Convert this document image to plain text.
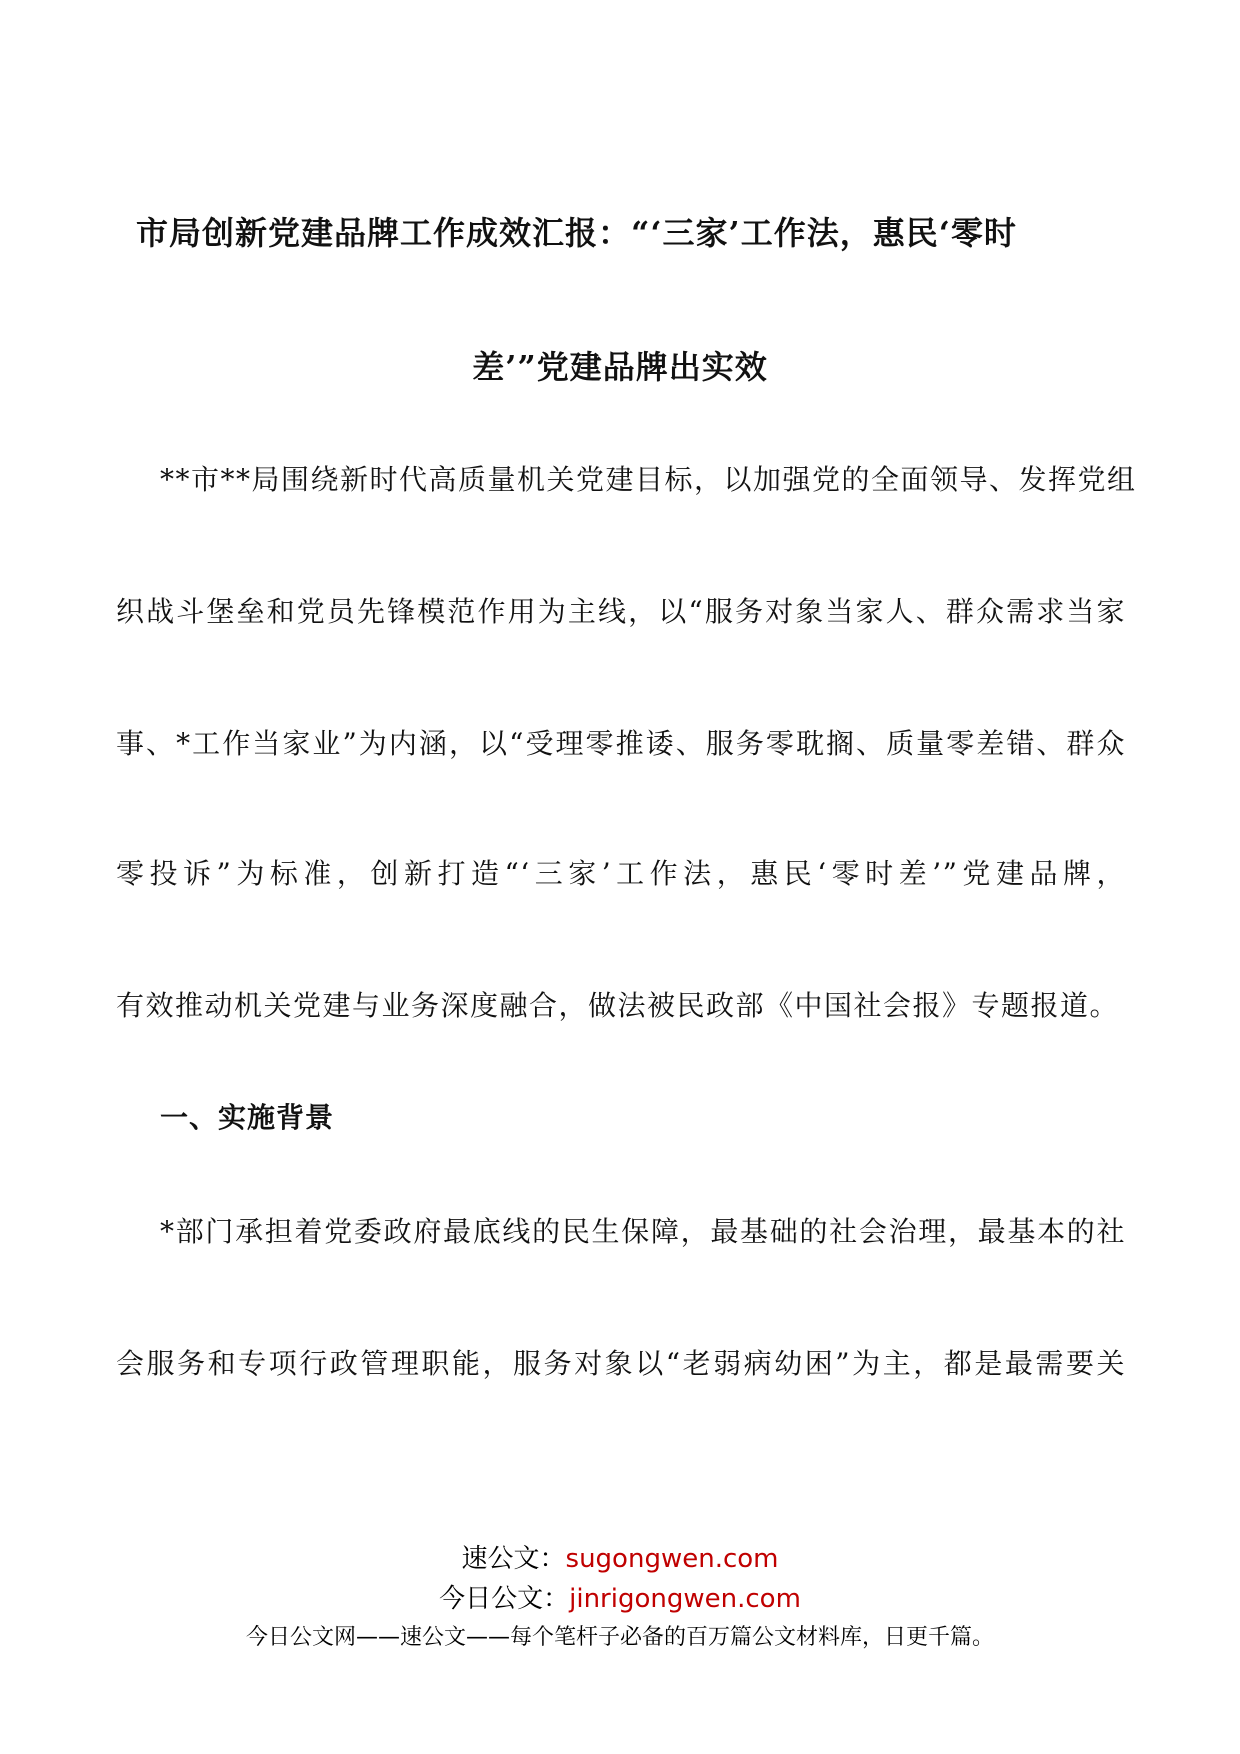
市局创新党建品牌工作成效汇报：“‘三家’工作法，惠民‘零时
差’”党建品牌出实效
**市**局围绕新时代高质量机关党建目标，以加强党的全面领导、发挥党组
织战斗堡垒和党员先锋模范作用为主线，以“服务对象当家人、群众需求当家
事、*工作当家业”为内涵，以“受理零推诿、服务零耽搁、质量零差错、群众
零投诉”为标准，创新打造“‘三家’工作法，惠民‘零时差’”党建品牌，
有效推动机关党建与业务深度融合，做法被民政部《中国社会报》专题报道。
一、实施背景
*部门承担着党委政府最底线的民生保障，最基础的社会治理，最基本的社
会服务和专项行政管理职能，服务对象以“老弱病幼困”为主，都是最需要关
速公文：sugongwen.com
今日公文：jinrigongwen.com
今日公文网——速公文——每个笔杆子必备的百万篇公文材料库，日更千篇。
